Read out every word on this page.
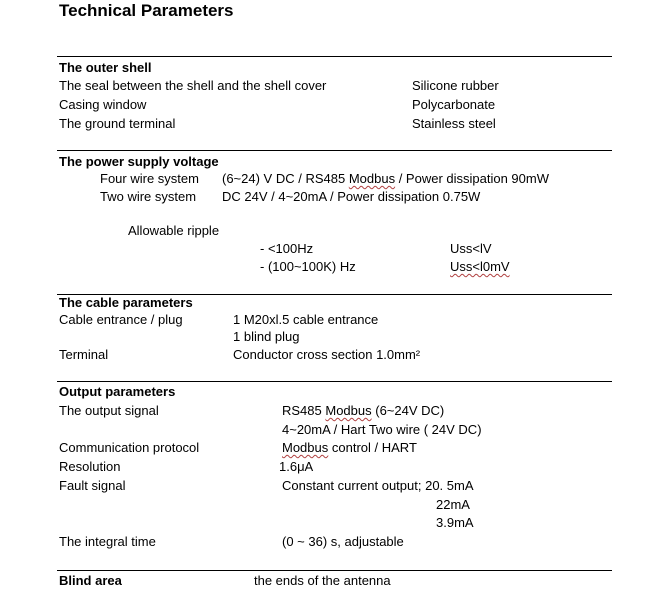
Technical Parameters
The outer shell
The seal between the shell and the shell cover	Silicone rubber
Casing window	Polycarbonate
The ground terminal	Stainless steel
The power supply voltage
Four wire system (6~24) V DC / RS485 Modbus / Power dissipation 90mW
Two wire system DC 24V / 4~20mA / Power dissipation 0.75W
Allowable ripple
- <100Hz	Uss<lV
- (100~100K) Hz	Uss<l0mV
The cable parameters
Cable entrance / plug	1 M20xl.5 cable entrance
1 blind plug
Terminal	Conductor cross section 1.0mm²
Output parameters
The output signal	RS485 Modbus (6~24V DC)
4~20mA / Hart Two wire ( 24V DC)
Communication protocol	Modbus control / HART
Resolution	1.6μA
Fault signal	Constant current output; 20. 5mA
22mA
3.9mA
The integral time	(0 ~ 36) s, adjustable
Blind area	the ends of the antenna
